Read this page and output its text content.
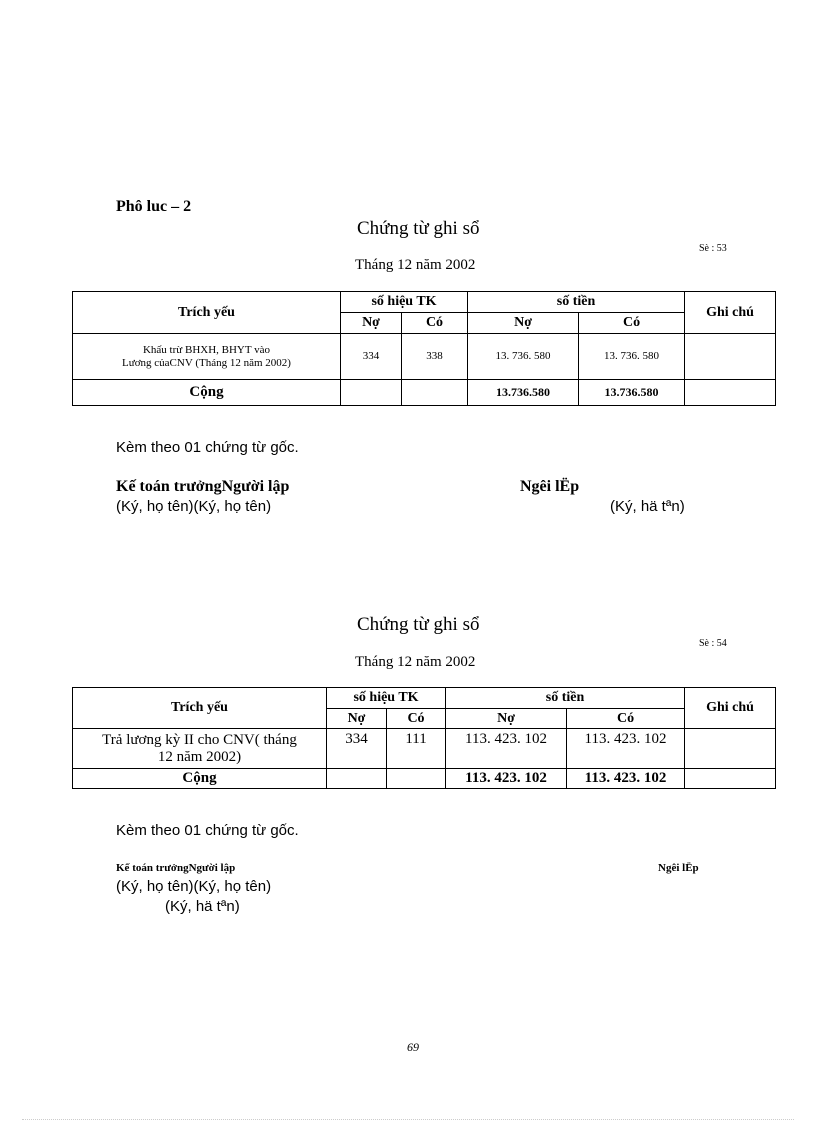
Phô luc – 2
Chứng từ ghi sổ
Sè : 53
Tháng 12 năm 2002
Trích yếu	số hiệu TK		số tiền		Ghi chú
	Nợ	Có	Nợ	Có	

Khấu trừ BHXH, BHYT vào
Lương củaCNV (Tháng 12 năm 2002)	334	338	13. 736. 580	13. 736. 580	
Cộng			13.736.580	13.736.580	
Kèm theo 01 chứng từ gốc.
Kế toán trưởngNgười lập	Ngêi lËp
(Ký, họ tên)(Ký, họ tên)	(Ký, hä tªn)
Chứng từ ghi sổ
Sè : 54
Tháng 12 năm 2002
Trích yếu	số hiệu TK		số tiền		Ghi chú
	Nợ	Có	Nợ	Có	

Trả lương kỳ II cho CNV( tháng
12 năm 2002)	334	111	113. 423. 102	113. 423. 102	
Cộng			113. 423. 102	113. 423. 102	
Kèm theo 01 chứng từ gốc.
Kế toán trưởngNgười lập	Ngêi lËp
(Ký, họ tên)(Ký, họ tên)
(Ký, hä tªn)
69
